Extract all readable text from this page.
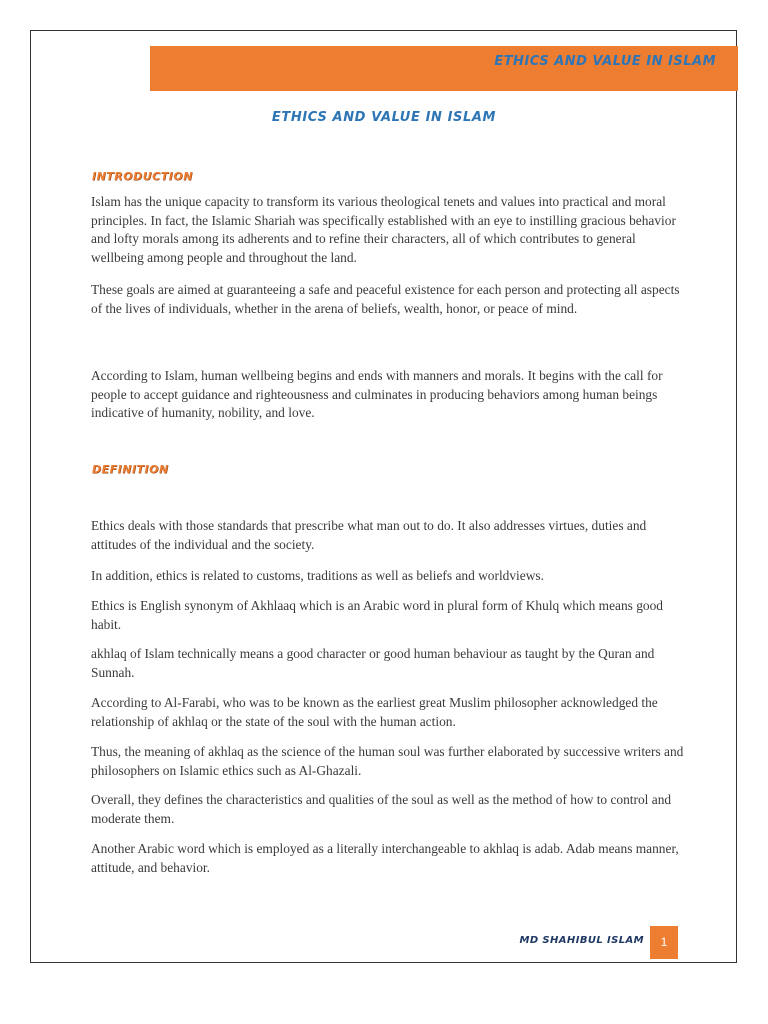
ETHICS AND VALUE IN ISLAM
ETHICS AND VALUE IN ISLAM
INTRODUCTION

Islam has the unique capacity to transform its various theological tenets and values into practical and moral principles. In fact, the Islamic Shariah was specifically established with an eye to instilling gracious behavior and lofty morals among its adherents and to refine their characters, all of which contributes to general wellbeing among people and throughout the land.

These goals are aimed at guaranteeing a safe and peaceful existence for each person and protecting all aspects of the lives of individuals, whether in the arena of beliefs, wealth, honor, or peace of mind.

According to Islam, human wellbeing begins and ends with manners and morals. It begins with the call for people to accept guidance and righteousness and culminates in producing behaviors among human beings indicative of humanity, nobility, and love.

DEFINITION

Ethics deals with those standards that prescribe what man out to do. It also addresses virtues, duties and attitudes of the individual and the society.

In addition, ethics is related to customs, traditions as well as beliefs and worldviews.

Ethics is English synonym of Akhlaaq which is an Arabic word in plural form of Khulq which means good habit.

akhlaq of Islam technically means a good character or good human behaviour as taught by the Quran and Sunnah.

According to Al-Farabi, who was to be known as the earliest great Muslim philosopher acknowledged the relationship of akhlaq or the state of the soul with the human action.

Thus, the meaning of akhlaq as the science of the human soul was further elaborated by successive writers and philosophers on Islamic ethics such as Al-Ghazali.

Overall, they defines the characteristics and qualities of the soul as well as the method of how to control and moderate them.

Another Arabic word which is employed as a literally interchangeable to akhlaq is adab. Adab means manner, attitude, and behavior.

MD SHAHIBUL ISLAM	1
